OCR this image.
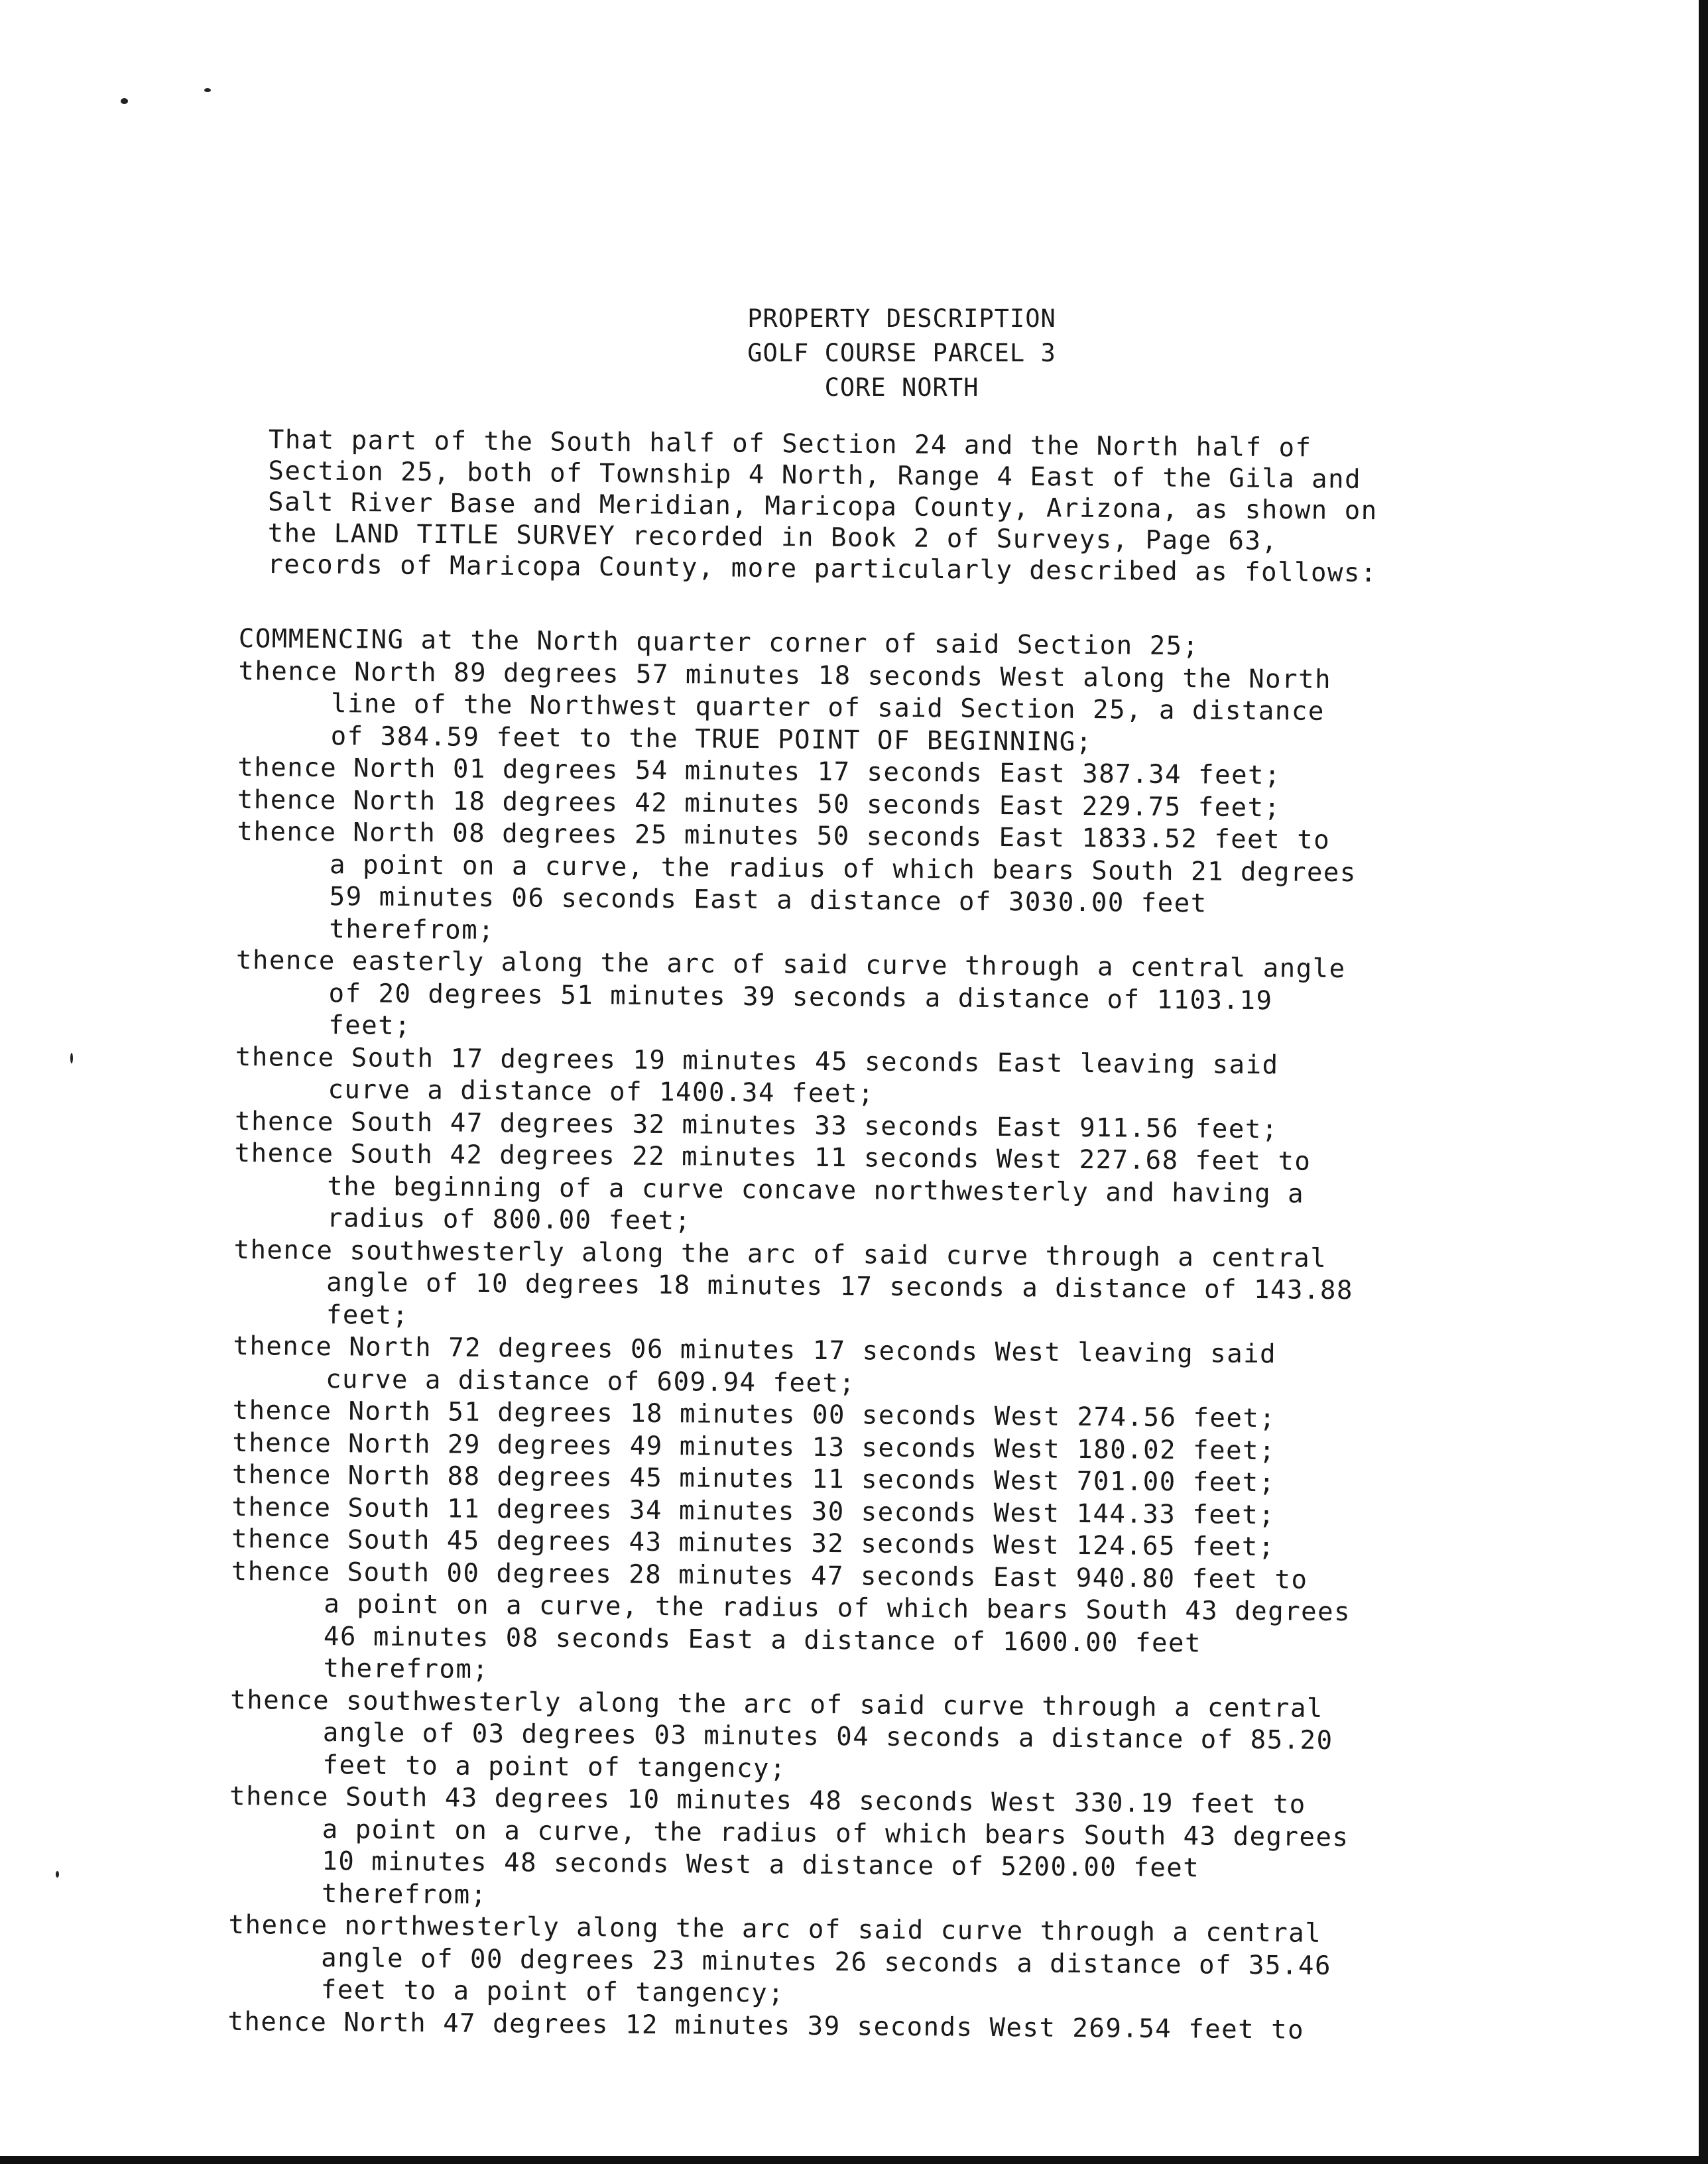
PROPERTY DESCRIPTION
GOLF COURSE PARCEL 3
CORE NORTH
That part of the South half of Section 24 and the North half of
Section 25, both of Township 4 North, Range 4 East of the Gila and
Salt River Base and Meridian, Maricopa County, Arizona, as shown on
the LAND TITLE SURVEY recorded in Book 2 of Surveys, Page 63,
records of Maricopa County, more particularly described as follows:
COMMENCING at the North quarter corner of said Section 25;
thence North 89 degrees 57 minutes 18 seconds West along the North
line of the Northwest quarter of said Section 25, a distance
of 384.59 feet to the TRUE POINT OF BEGINNING;
thence North 01 degrees 54 minutes 17 seconds East 387.34 feet;
thence North 18 degrees 42 minutes 50 seconds East 229.75 feet;
thence North 08 degrees 25 minutes 50 seconds East 1833.52 feet to
a point on a curve, the radius of which bears South 21 degrees
59 minutes 06 seconds East a distance of 3030.00 feet
therefrom;
thence easterly along the arc of said curve through a central angle
of 20 degrees 51 minutes 39 seconds a distance of 1103.19
feet;
thence South 17 degrees 19 minutes 45 seconds East leaving said
curve a distance of 1400.34 feet;
thence South 47 degrees 32 minutes 33 seconds East 911.56 feet;
thence South 42 degrees 22 minutes 11 seconds West 227.68 feet to
the beginning of a curve concave northwesterly and having a
radius of 800.00 feet;
thence southwesterly along the arc of said curve through a central
angle of 10 degrees 18 minutes 17 seconds a distance of 143.88
feet;
thence North 72 degrees 06 minutes 17 seconds West leaving said
curve a distance of 609.94 feet;
thence North 51 degrees 18 minutes 00 seconds West 274.56 feet;
thence North 29 degrees 49 minutes 13 seconds West 180.02 feet;
thence North 88 degrees 45 minutes 11 seconds West 701.00 feet;
thence South 11 degrees 34 minutes 30 seconds West 144.33 feet;
thence South 45 degrees 43 minutes 32 seconds West 124.65 feet;
thence South 00 degrees 28 minutes 47 seconds East 940.80 feet to
a point on a curve, the radius of which bears South 43 degrees
46 minutes 08 seconds East a distance of 1600.00 feet
therefrom;
thence southwesterly along the arc of said curve through a central
angle of 03 degrees 03 minutes 04 seconds a distance of 85.20
feet to a point of tangency;
thence South 43 degrees 10 minutes 48 seconds West 330.19 feet to
a point on a curve, the radius of which bears South 43 degrees
10 minutes 48 seconds West a distance of 5200.00 feet
therefrom;
thence northwesterly along the arc of said curve through a central
angle of 00 degrees 23 minutes 26 seconds a distance of 35.46
feet to a point of tangency;
thence North 47 degrees 12 minutes 39 seconds West 269.54 feet to
